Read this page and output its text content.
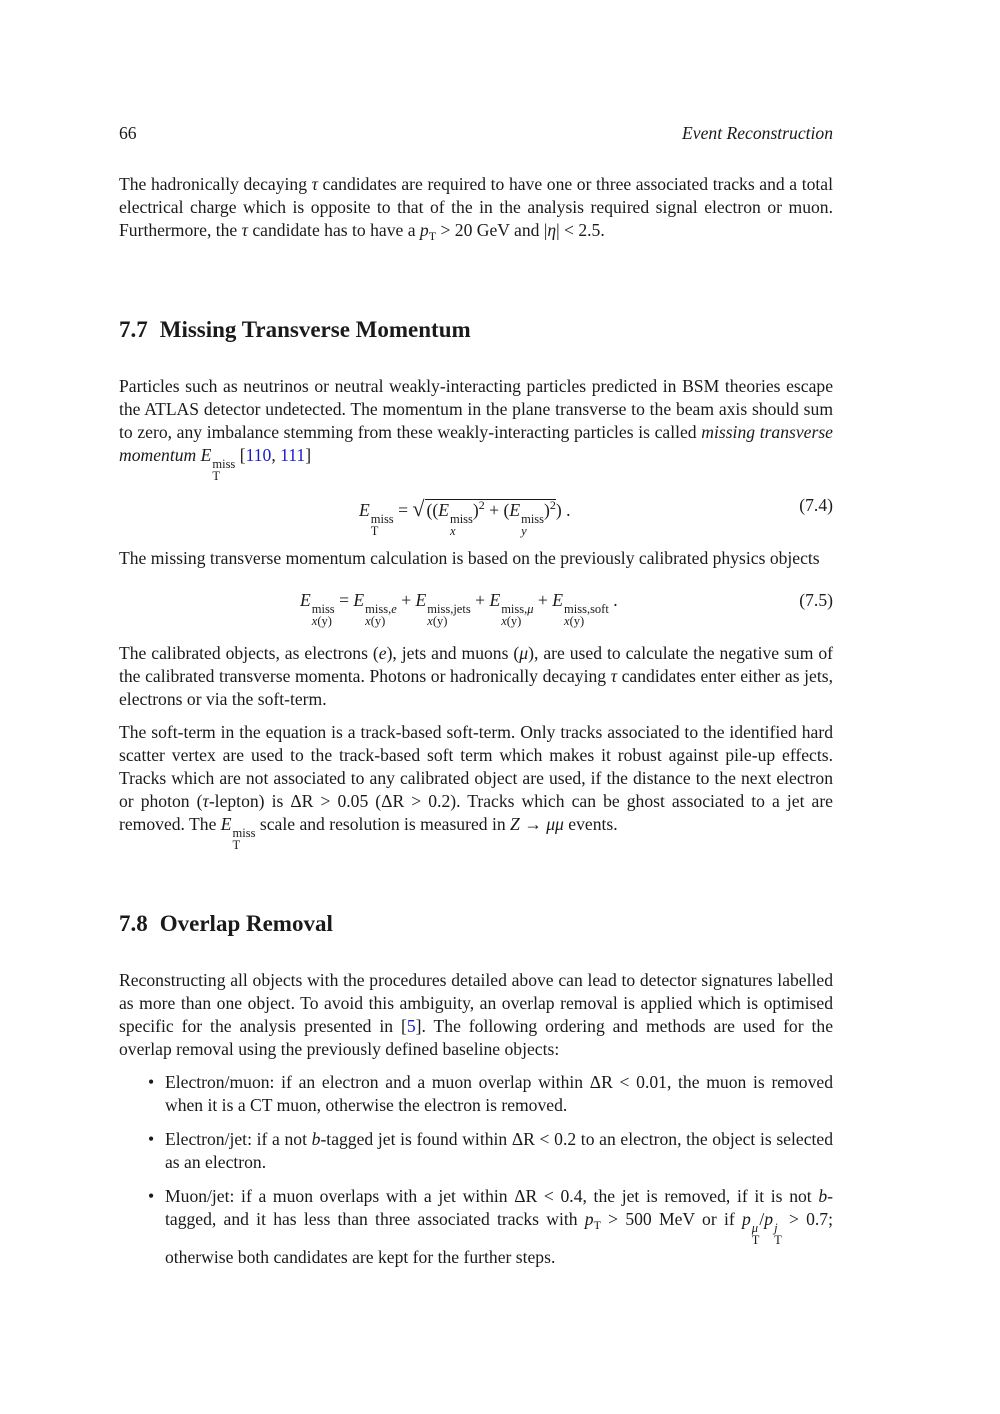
66	Event Reconstruction
The hadronically decaying τ candidates are required to have one or three associated tracks and a total electrical charge which is opposite to that of the in the analysis required signal electron or muon. Furthermore, the τ candidate has to have a $p_T > 20$ GeV and |η| < 2.5.
7.7 Missing Transverse Momentum
Particles such as neutrinos or neutral weakly-interacting particles predicted in BSM theories escape the ATLAS detector undetected. The momentum in the plane transverse to the beam axis should sum to zero, any imbalance stemming from these weakly-interacting particles is called missing transverse momentum E miss
T
[110, 111]
E miss
T
= √ ((E miss
x
)$^2$ + (E miss
y
)$^2$) .	(7.4)
The missing transverse momentum calculation is based on the previously calibrated physics objects
E miss
x(y)
= E miss,e
x(y)
+ E miss,jets
x(y)
+ E miss,μ
x(y)
+ E miss,soft
x(y)
.	(7.5)
The calibrated objects, as electrons (e), jets and muons (μ), are used to calculate the negative sum of the calibrated transverse momenta. Photons or hadronically decaying τ candidates enter either as jets, electrons or via the soft-term.
The soft-term in the equation is a track-based soft-term. Only tracks associated to the identified hard scatter vertex are used to the track-based soft term which makes it robust against pile-up effects. Tracks which are not associated to any calibrated object are used, if the distance to the next electron or photon (τ-lepton) is ΔR > 0.05 (ΔR > 0.2). Tracks which can be ghost associated to a jet are removed. The E miss
T
scale and resolution is measured in Z → μμ events.
7.8 Overlap Removal
Reconstructing all objects with the procedures detailed above can lead to detector signatures labelled as more than one object. To avoid this ambiguity, an overlap removal is applied which is optimised specific for the analysis presented in [5]. The following ordering and methods are used for the overlap removal using the previously defined baseline objects:
• Electron/muon: if an electron and a muon overlap within ΔR < 0.01, the muon is removed when it is a CT muon, otherwise the electron is removed.
• Electron/jet: if a not b-tagged jet is found within ΔR < 0.2 to an electron, the object is selected as an electron.
• Muon/jet: if a muon overlaps with a jet within ΔR < 0.4, the jet is removed, if it is not b-tagged, and it has less than three associated tracks with $p_T > 500$ MeV or if p μ
T
/p j
T
> 0.7; otherwise both candidates are kept for the further steps.
